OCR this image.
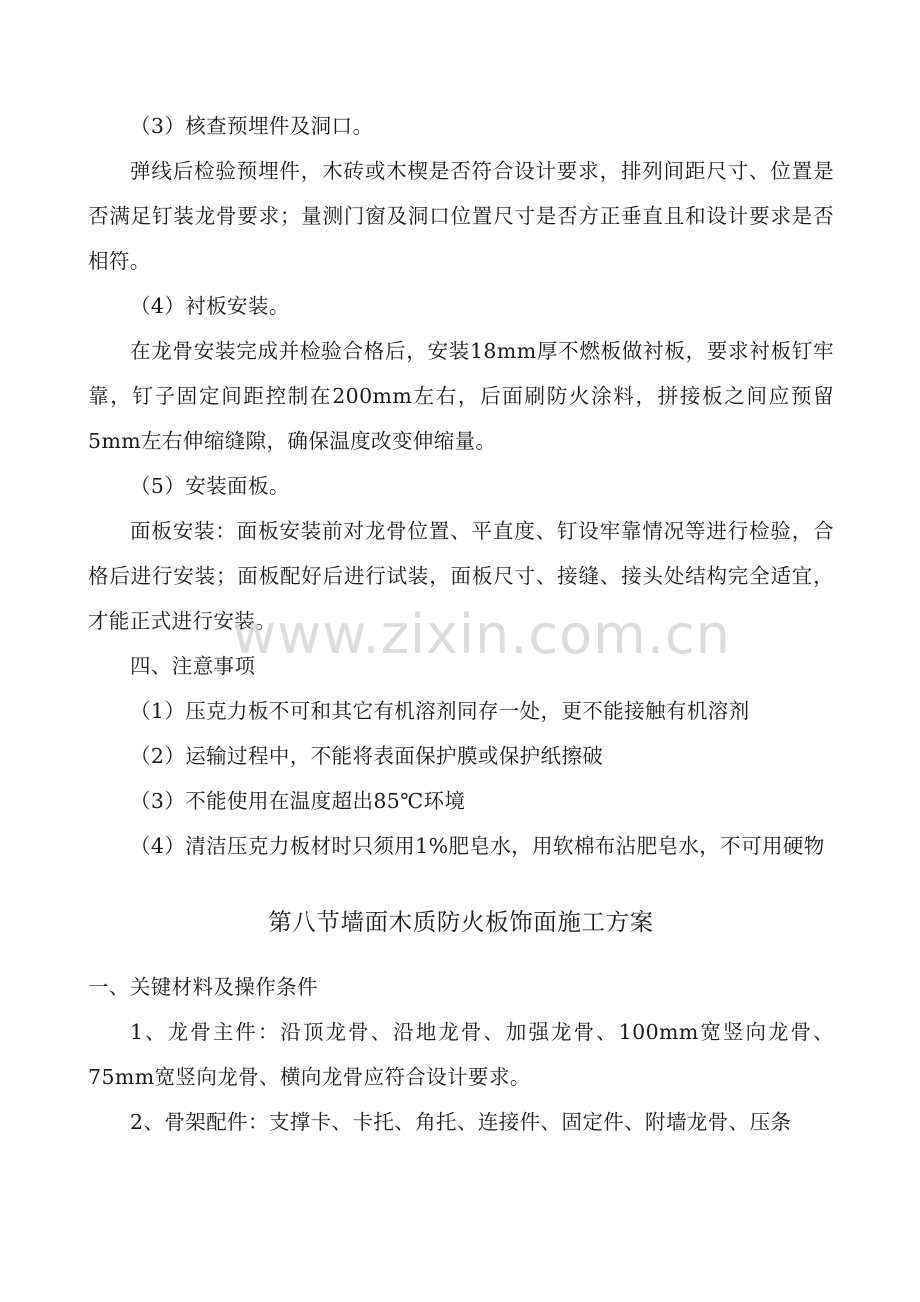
（3）核查预埋件及洞口。

弹线后检验预埋件，木砖或木楔是否符合设计要求，排列间距尺寸、位置是否满足钉装龙骨要求；量测门窗及洞口位置尺寸是否方正垂直且和设计要求是否相符。

（4）衬板安装。

在龙骨安装完成并检验合格后，安装18mm厚不燃板做衬板，要求衬板钉牢靠，钉子固定间距控制在200mm左右，后面刷防火涂料，拼接板之间应预留5mm左右伸缩缝隙，确保温度改变伸缩量。

（5）安装面板。

面板安装：面板安装前对龙骨位置、平直度、钉设牢靠情况等进行检验，合格后进行安装；面板配好后进行试装，面板尺寸、接缝、接头处结构完全适宜，才能正式进行安装。

四、注意事项

（1）压克力板不可和其它有机溶剂同存一处，更不能接触有机溶剂

（2）运输过程中，不能将表面保护膜或保护纸擦破

（3）不能使用在温度超出85℃环境

（4）清洁压克力板材时只须用1%肥皂水，用软棉布沾肥皂水，不可用硬物

第八节墙面木质防火板饰面施工方案

一、关键材料及操作条件

1、龙骨主件：沿顶龙骨、沿地龙骨、加强龙骨、100mm宽竖向龙骨、75mm宽竖向龙骨、横向龙骨应符合设计要求。

2、骨架配件：支撑卡、卡托、角托、连接件、固定件、附墙龙骨、压条

www.zixin.com.cn
